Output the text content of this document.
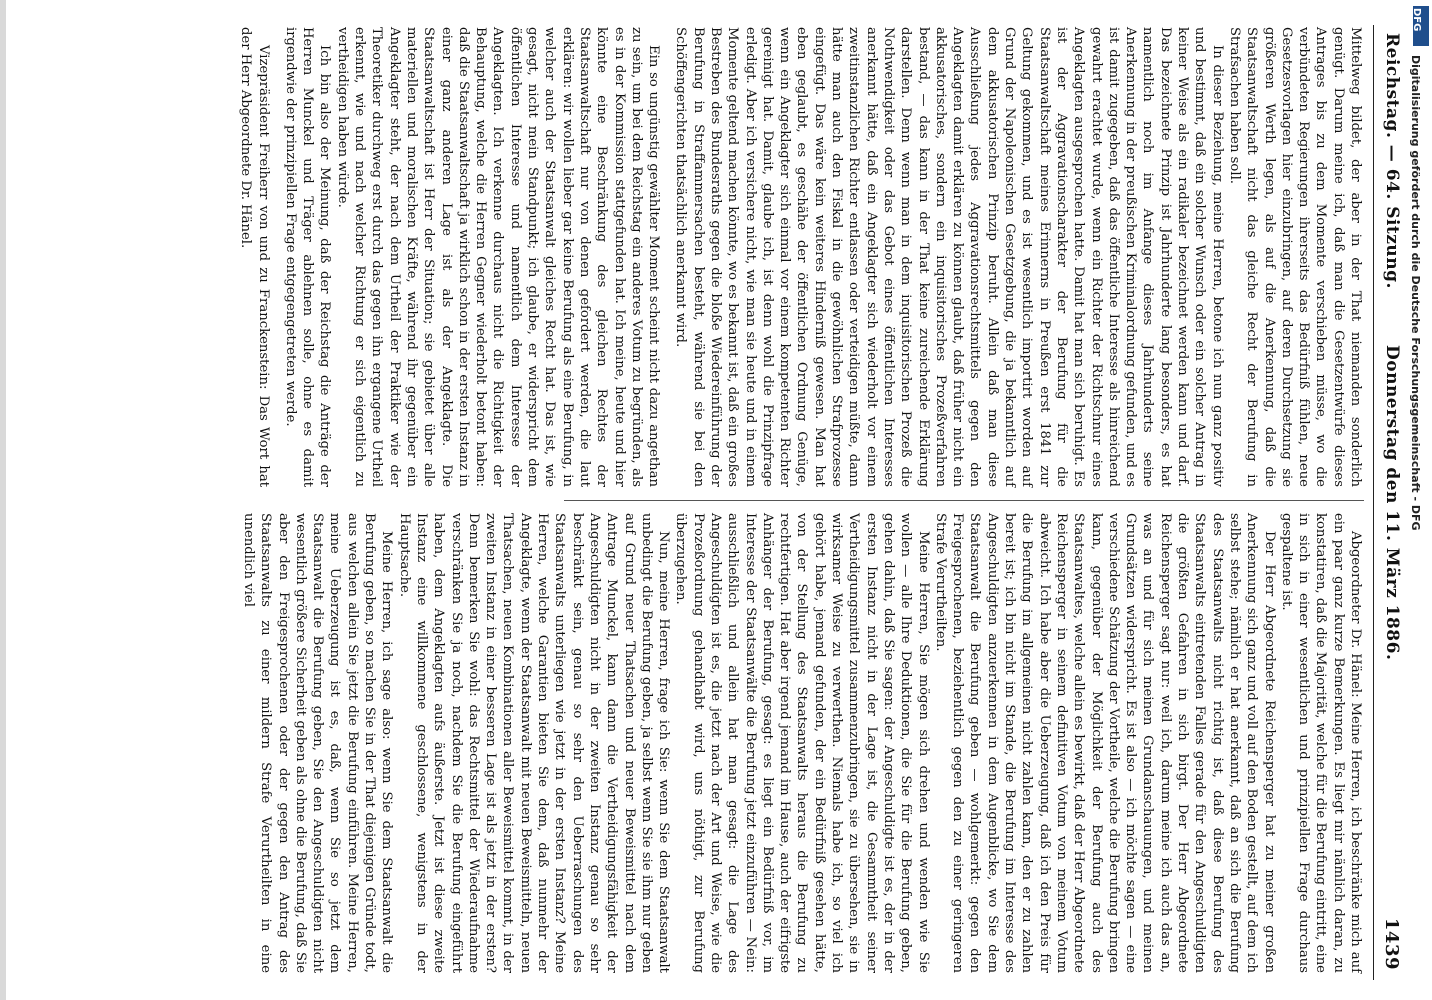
Reichstag. — 64. Sitzung.
Donnerstag den 11. März 1886.
1439

Mittelweg bildet, der aber in der That niemanden sonderlich genügt. Darum meine ich, daß man die Gesetzentwürfe dieses Antrages bis zu dem Momente verschieben müsse, wo die verbündeten Regierungen ihrerseits das Bedürfniß fühlen, neue Gesetzesvorlagen hier einzubringen, auf deren Durchsetzung sie größeren Werth legen, als auf die Anerkennung, daß die Staatsanwaltschaft nicht das gleiche Recht der Berufung in Strafsachen haben soll.

In dieser Beziehung, meine Herren, betone ich nun ganz positiv und bestimmt, daß ein solcher Wunsch oder ein solcher Antrag in keiner Weise als ein radikaler bezeichnet werden kann und darf. Das bezeichnete Prinzip ist Jahrhunderte lang besonders, es hat namentlich noch im Anfange dieses Jahrhunderts seine Anerkennung in der preußischen Kriminalordnung gefunden, und es ist damit zugegeben, daß das öffentliche Interesse als hinreichend gewahrt erachtet wurde, wenn ein Richter der Richtschnur eines Angeklagten ausgesprochen hatte. Damit hat man sich beruhigt. Es ist der Aggravationscharakter der Berufung für die Staatsanwaltschaft meines Erinnerns in Preußen erst 1841 zur Geltung gekommen, und es ist wesentlich importirt worden auf Grund der Napoleonischen Gesetzgebung, die ja bekanntlich auf dem akkusatorischen Prinzip beruht. Allein daß man diese Ausschließung jedes Aggravationsrechtsmittels gegen den Angeklagten damit erklären zu können glaubt, daß früher nicht ein akkusatorisches, sondern ein inquisitorisches Prozeßverfahren bestand, — das kann in der That keine zureichende Erklärung darstellen. Denn wenn man in dem inquisitorischen Prozeß die Nothwendigkeit oder das Gebot eines öffentlichen Interesses anerkannt hätte, daß ein Angeklagter sich wiederholt vor einem zweitinstanzlichen Richter entlassen oder verteidigen müßte, dann hätte man auch den Fiskal in die gewöhnlichen Strafprozesse eingefügt. Das wäre kein weiteres Hinderniß gewesen. Man hat eben geglaubt, es geschähe der öffentlichen Ordnung Genüge, wenn ein Angeklagter sich einmal vor einem kompetenten Richter gereinigt hat. Damit, glaube ich, ist denn wohl die Prinzipfrage erledigt. Aber ich versichere nicht, wie man sie heute und in einem Momente geltend machen könnte, wo es bekannt ist, daß ein großes Bestreben des Bundesraths gegen die bloße Wiedereinführung der Berufung in Straffammersachen besteht, während sie bei den Schöffengerichten thatsächlich anerkannt wird.

Ein so ungünstig gewählter Moment scheint nicht dazu angethan zu sein, um bei dem Reichstag ein anderes Votum zu begründen, als es in der Kommission stattgefunden hat. Ich meine, heute und hier könnte eine Beschränkung des gleichen Rechtes der Staatsanwaltschaft nur von denen gefordert werden, die laut erklären: wir wollen lieber gar keine Berufung als eine Berufung, in welcher auch der Staatsanwalt gleiches Recht hat. Das ist, wie gesagt, nicht mein Standpunkt; ich glaube, er widerspricht dem öffentlichen Interesse und namentlich dem Interesse der Angeklagten. Ich verkenne durchaus nicht die Richtigkeit der Behauptung, welche die Herren Gegner wiederholt betont haben: daß die Staatsanwaltschaft ja wirklich schon in der ersten Instanz in einer ganz anderen Lage ist als der Angeklagte. Die Staatsanwaltschaft ist Herr der Situation; sie gebietet über alle materiellen und moralischen Kräfte, während ihr gegenüber ein Angeklagter steht, der nach dem Urtheil der Praktiker wie der Theoretiker durchweg erst durch das gegen ihn ergangene Urtheil erkennt, wie und nach welcher Richtung er sich eigentlich zu vertheidigen haben würde.

Ich bin also der Meinung, daß der Reichstag die Anträge der Herren Munckel und Träger ablehnen solle, ohne es damit irgendwie der prinzipiellen Frage entgegengetreten werde.

Vizepräsident Freiherr von und zu Franckenstein: Das Wort hat der Herr Abgeordnete Dr. Hänel.

Abgeordneter Dr. Hänel: Meine Herren, ich beschränke mich auf ein paar ganz kurze Bemerkungen. Es liegt mir nämlich daran, zu konstatiren, daß die Majorität, welche für die Berufung eintritt, eine in sich in einer wesentlichen und prinzipiellen Frage durchaus gespaltene ist.

Der Herr Abgeordnete Reichensperger hat zu meiner großen Anerkennung sich ganz und voll auf den Boden gestellt, auf dem ich selbst stehe; nämlich er hat anerkannt, daß an sich die Berufung des Staatsanwalts nicht richtig ist, daß diese Berufung des Staatsanwalts eintretenden Falles gerade für den Angeschuldigten die größten Gefahren in sich birgt. Der Herr Abgeordnete Reichensperger sagt nur: weil ich, darum meine ich auch das an, was an und für sich meinen Grundanschauungen, und meinen Grundsätzen widerspricht. Es ist also — ich möchte sagen — eine verschiedene Schätzung der Vortheile, welche die Berufung bringen kann, gegenüber der Möglichkeit der Berufung auch des Staatsanwaltes, welche allein es bewirkt, daß der Herr Abgeordnete Reichensperger in seinem definitiven Votum von meinem Votum abweicht. Ich habe aber die Ueberzeugung, daß ich den Preis für die Berufung im allgemeinen nicht zahlen kann, den er zu zahlen bereit ist; ich bin nicht im Stande, die Berufung im Interesse des Angeschuldigten anzuerkennen in dem Augenblicke, wo Sie dem Staatsanwalt die Berufung geben — wohlgemerkt: gegen den Freigesprochenen, beziehentlich gegen den zu einer geringeren Strafe Verurtheilten.

Meine Herren, Sie mögen sich drehen und wenden wie Sie wollen — alle Ihre Deduktionen, die Sie für die Berufung geben, gehen dahin, daß Sie sagen: der Angeschuldigte ist es, der in der ersten Instanz nicht in der Lage ist, die Gesammtheit seiner Vertheidigungsmittel zusammenzubringen, sie zu übersehen, sie in wirksamer Weise zu verwerthen. Niemals habe ich, so viel ich gehört habe, jemand gefunden, der ein Bedürfniß gesehen hätte, von der Stellung des Staatsanwalts heraus die Berufung zu rechtfertigen. Hat aber irgend jemand im Hause, auch der eifrigste Anhänger der Berufung, gesagt: es liegt ein Bedürfniß vor, im Interesse der Staatsanwälte die Berufung jetzt einzuführen — Nein: ausschließlich und allein hat man gesagt: die Lage des Angeschuldigten ist es, die jetzt nach der Art und Weise, wie die Prozeßordnung gehandhabt wird, uns nöthigt, zur Berufung überzugehen.

Nun, meine Herren, frage ich Sie: wenn Sie dem Staatsanwalt unbedingt die Berufung geben, ja selbst wenn Sie sie ihm nur geben auf Grund neuer Thatsachen und neuer Beweismittel nach dem Antrage Munckel, kann dann die Vertheidigungsfähigkeit der Angeschuldigten nicht in der zweiten Instanz genau so sehr beschränkt sein, genau so sehr den Ueberraschungen des Staatsanwalts unterliegen wie jetzt in der ersten Instanz? Meine Herren, welche Garantien bieten Sie dem, daß nunmehr der Angeklagte, wenn der Staatsanwalt mit neuen Beweismitteln, neuen Thatsachen, neuen Kombinationen aller Beweismittel kommt, in der zweiten Instanz in einer besseren Lage ist als jetzt in der ersten? Denn bemerken Sie wohl: das Rechtsmittel der Wiederaufnahme verschränken Sie ja noch, nachdem Sie die Berufung eingeführt haben, dem Angeklagten aufs äußerste. Jetzt ist diese zweite Instanz eine willkommene geschlossene, wenigstens in der Hauptsache.

Meine Herren, ich sage also: wenn Sie dem Staatsanwalt die Berufung geben, so machen Sie in der That diejenigen Gründe todt, aus welchen allein Sie jetzt die Berufung einführen. Meine Herren, meine Ueberzeugung ist es, daß, wenn Sie so jetzt dem Staatsanwalt die Berufung geben, Sie den Angeschuldigten nicht wesentlich größere Sicherheit geben als ohne die Berufung, daß Sie aber den Freigesprochenen oder der gegen den Antrag des Staatsanwalts zu einer mildern Strafe Verurtheilten in eine unendlich viel

DFG
Digitalisierung gefördert durch die Deutsche Forschungsgemeinschaft - DFG
